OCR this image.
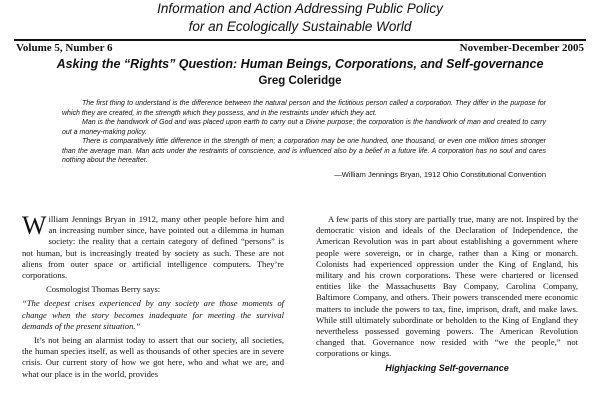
Information and Action Addressing Public Policy
for an Ecologically Sustainable World
Volume 5, Number 6	November-December 2005
Asking the “Rights” Question: Human Beings, Corporations, and Self-governance
Greg Coleridge

The first thing to understand is the difference between the natural person and the fictitious person called a corporation. They differ in the purpose for which they are created, in the strength which they possess, and in the restraints under which they act.

Man is the handiwork of God and was placed upon earth to carry out a Divine purpose; the corporation is the handiwork of man and created to carry out a money-making policy.

There is comparatively little difference in the strength of men; a corporation may be one hundred, one thousand, or even one million times stronger than the average man. Man acts under the restraints of conscience, and is influenced also by a belief in a future life. A corporation has no soul and cares nothing about the hereafter.

—William Jennings Bryan, 1912 Ohio Constitutional Convention

William Jennings Bryan in 1912, many other people before him and an increasing number since, have pointed out a dilemma in human society: the reality that a certain category of defined “persons” is not human, but is increasingly treated by society as such. These are not aliens from outer space or artificial intelligence computers. They’re corporations.

Cosmologist Thomas Berry says:

“The deepest crises experienced by any society are those moments of change when the story becomes inadequate for meeting the survival demands of the present situation.”

It’s not being an alarmist today to assert that our society, all societies, the human species itself, as well as thousands of other species are in severe crisis. Our current story of how we got here, who and what we are, and what our place is in the world, provides

A few parts of this story are partially true, many are not. Inspired by the democratic vision and ideals of the Declaration of Independence, the American Revolution was in part about establishing a government where people were sovereign, or in charge, rather than a King or monarch. Colonists had experienced oppression under the King of England, his military and his crown corporations. These were chartered or licensed entities like the Massachusetts Bay Company, Carolina Company, Baltimore Company, and others. Their powers transcended mere economic matters to include the powers to tax, fine, imprison, draft, and make laws. While still ultimately subordinate or beholden to the King of England they nevertheless possessed governing powers. The American Revolution changed that. Governance now resided with “we the people,” not corporations or kings.

Highjacking Self-governance
